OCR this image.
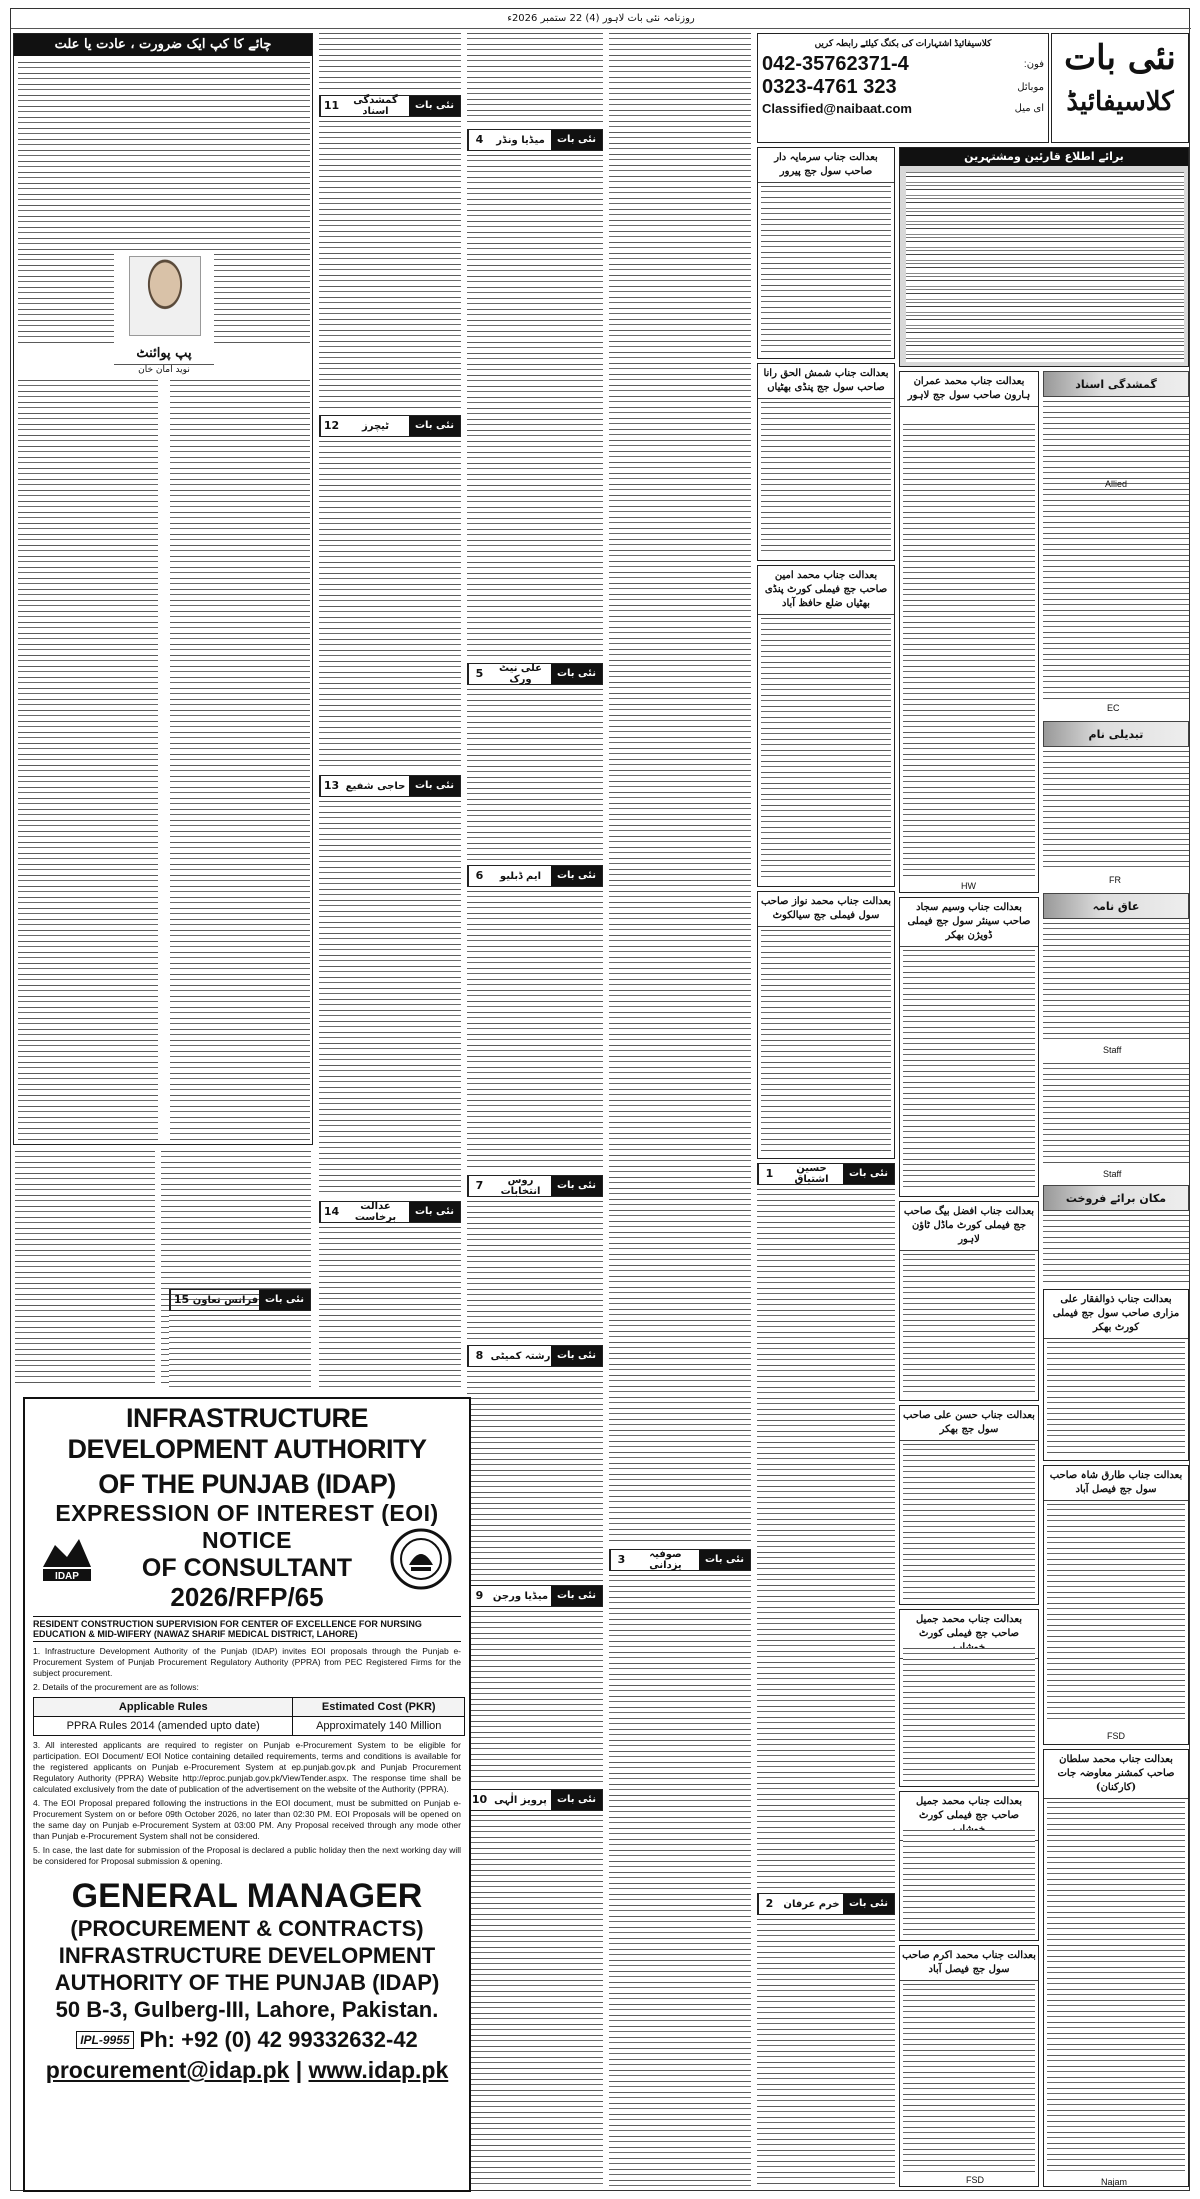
روزنامہ نئی بات لاہور (4) 22 ستمبر 2026ء
چائے کا کپ ایک ضرورت ، عادت یا علت
پپ پوائنٹ
نوید امان خان
نئی بات
گمشدگی اسناد
11
نئی بات
ٹیچرز
12
نئی بات
حاجی شفیع
13
نئی بات
عدالت برخاست
14
نئی بات
فرانس تعاون
15
نئی بات
میڈیا ونڈر
4
نئی بات
علی نیٹ ورک
5
نئی بات
ایم ڈبلیو
6
نئی بات
روس انتخابات
7
نئی بات
رشتہ کمیٹی
8
نئی بات
میڈیا ورجن
9
نئی بات
پرویز الٰہی
10
نئی بات
صوفیہ یزدانی
3
کلاسیفائیڈ اشتہارات کی بکنگ کیلئے رابطہ کریں
042-35762371-4	فون:
0323-4761 323	موبائل
Classified@naibaat.com	ای میل
نئی بات
کلاسیفائیڈ
برائے اطلاع قارئین ومشتہرین
بعدالت جناب سرمایہ دار صاحب سول جج پیرور
بعدالت جناب شمش الحق رانا صاحب سول جج پنڈی بھٹیاں
بعدالت جناب محمد امین صاحب جج فیملی کورٹ پنڈی بھٹیاں ضلع حافظ آباد
بعدالت جناب محمد نواز صاحب سول فیملی جج سیالکوٹ
نئی بات
حسین اشتیاق
1
نئی بات
خرم عرفان
2
بعدالت جناب محمد عمران ہارون صاحب سول جج لاہور
HW
بعدالت جناب وسیم سجاد صاحب سینئر سول جج فیملی ڈویژن بھکر
بعدالت جناب افضل بیگ صاحب جج فیملی کورٹ ماڈل ٹاؤن لاہور
بعدالت جناب حسن علی صاحب سول جج بھکر
بعدالت جناب محمد جمیل صاحب جج فیملی کورٹ
بعدالت جناب محمد جمیل صاحب جج فیملی کورٹ
بعدالت جناب محمد اکرم صاحب سول جج فیصل آباد
FSD
گمشدگی اسناد
Allied
EC
تبدیلی نام
FR
عاق نامہ
Staff
Staff
مکان برائے فروخت
بعدالت جناب ذوالفقار علی مزاری صاحب سول جج فیملی کورٹ بھکر
بعدالت جناب طارق شاہ صاحب سول جج فیصل آباد
FSD
بعدالت جناب محمد سلطان صاحب کمشنر معاوضہ جات (کارکنان)
Najam
INFRASTRUCTURE DEVELOPMENT AUTHORITY
OF THE PUNJAB (IDAP)
EXPRESSION OF INTEREST (EOI) NOTICE
OF CONSULTANT
2026/RFP/65
IDAP
RESIDENT CONSTRUCTION SUPERVISION FOR CENTER OF EXCELLENCE FOR NURSING EDUCATION & MID-WIFERY (NAWAZ SHARIF MEDICAL DISTRICT, LAHORE)

1. Infrastructure Development Authority of the Punjab (IDAP) invites EOI proposals through the Punjab e-Procurement System of Punjab Procurement Regulatory Authority (PPRA) from PEC Registered Firms for the subject procurement.

2. Details of the procurement are as follows:

Applicable Rules	Estimated Cost (PKR)
PPRA Rules 2014 (amended upto date)	Approximately 140 Million

3. All interested applicants are required to register on Punjab e-Procurement System to be eligible for participation. EOI Document/ EOI Notice containing detailed requirements, terms and conditions is available for the registered applicants on Punjab e-Procurement System at ep.punjab.gov.pk and Punjab Procurement Regulatory Authority (PPRA) Website http://eproc.punjab.gov.pk/ViewTender.aspx. The response time shall be calculated exclusively from the date of publication of the advertisement on the website of the Authority (PPRA).

4. The EOI Proposal prepared following the instructions in the EOI document, must be submitted on Punjab e-Procurement System on or before 09th October 2026, no later than 02:30 PM. EOI Proposals will be opened on the same day on Punjab e-Procurement System at 03:00 PM. Any Proposal received through any mode other than Punjab e-Procurement System shall not be considered.

5. In case, the last date for submission of the Proposal is declared a public holiday then the next working day will be considered for Proposal submission & opening.

GENERAL MANAGER
(PROCUREMENT & CONTRACTS)
INFRASTRUCTURE DEVELOPMENT
AUTHORITY OF THE PUNJAB (IDAP)
50 B-3, Gulberg-III, Lahore, Pakistan.
IPL-9955 Ph: +92 (0) 42 99332632-42
procurement@idap.pk | www.idap.pk
